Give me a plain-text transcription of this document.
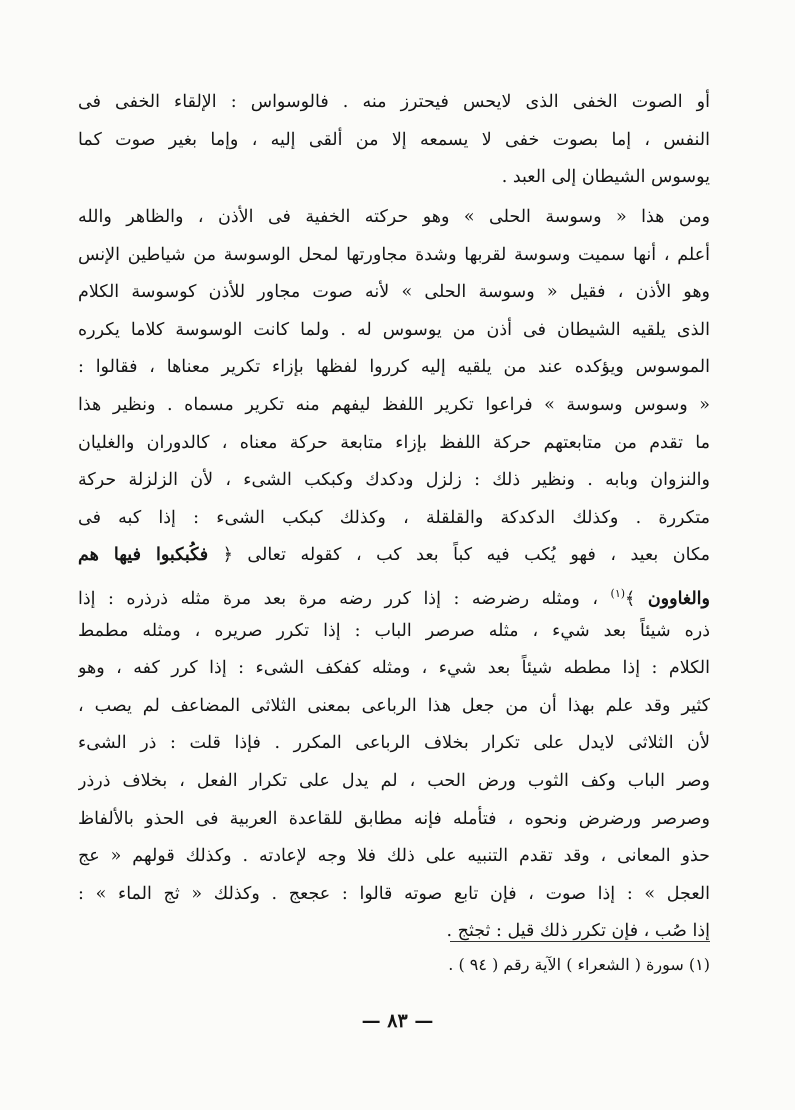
أو الصوت الخفى الذى لايحس فيحترز منه . فالوسواس : الإلقاء الخفى فى
النفس ، إما بصوت خفى لا يسمعه إلا من ألقى إليه ، وإما بغير صوت كما
يوسوس الشيطان إلى العبد .
ومن هذا « وسوسة الحلى » وهو حركته الخفية فى الأذن ، والظاهر والله
أعلم ، أنها سميت وسوسة لقربها وشدة مجاورتها لمحل الوسوسة من شياطين الإنس
وهو الأذن ، فقيل « وسوسة الحلى » لأنه صوت مجاور للأذن كوسوسة الكلام
الذى يلقيه الشيطان فى أذن من يوسوس له . ولما كانت الوسوسة كلاما يكرره
الموسوس ويؤكده عند من يلقيه إليه كرروا لفظها بإزاء تكرير معناها ، فقالوا :
« وسوس وسوسة » فراعوا تكرير اللفظ ليفهم منه تكرير مسماه . ونظير هذا
ما تقدم من متابعتهم حركة اللفظ بإزاء متابعة حركة معناه ، كالدوران والغليان
والنزوان وبابه . ونظير ذلك : زلزل ودكدك وكبكب الشىء ، لأن الزلزلة حركة
متكررة . وكذلك الدكدكة والقلقلة ، وكذلك كبكب الشىء : إذا كبه فى
مكان بعيد ، فهو يُكب فيه كباً بعد كب ، كقوله تعالى ﴿ فكُبكبوا فيها هم
والغاوون ﴾$^{(١)}$ ، ومثله رضرضه : إذا كرر رضه مرة بعد مرة مثله ذرذره : إذا
ذره شيئاً بعد شيء ، مثله صرصر الباب : إذا تكرر صريره ، ومثله مطمط
الكلام : إذا مططه شيئاً بعد شيء ، ومثله كفكف الشىء : إذا كرر كفه ، وهو
كثير وقد علم بهذا أن من جعل هذا الرباعى بمعنى الثلاثى المضاعف لم يصب ،
لأن الثلاثى لايدل على تكرار بخلاف الرباعى المكرر . فإذا قلت : ذر الشىء
وصر الباب وكف الثوب ورض الحب ، لم يدل على تكرار الفعل ، بخلاف ذرذر
وصرصر ورضرض ونحوه ، فتأمله فإنه مطابق للقاعدة العربية فى الحذو بالألفاظ
حذو المعانى ، وقد تقدم التنبيه على ذلك فلا وجه لإعادته . وكذلك قولهم « عج
العجل » : إذا صوت ، فإن تابع صوته قالوا : عجعج . وكذلك « ثج الماء » :
إذا صُب ، فإن تكرر ذلك قيل : ثجثج .
(١) سورة ( الشعراء ) الآية رقم ( ٩٤ ) .
— ٨٣ —
